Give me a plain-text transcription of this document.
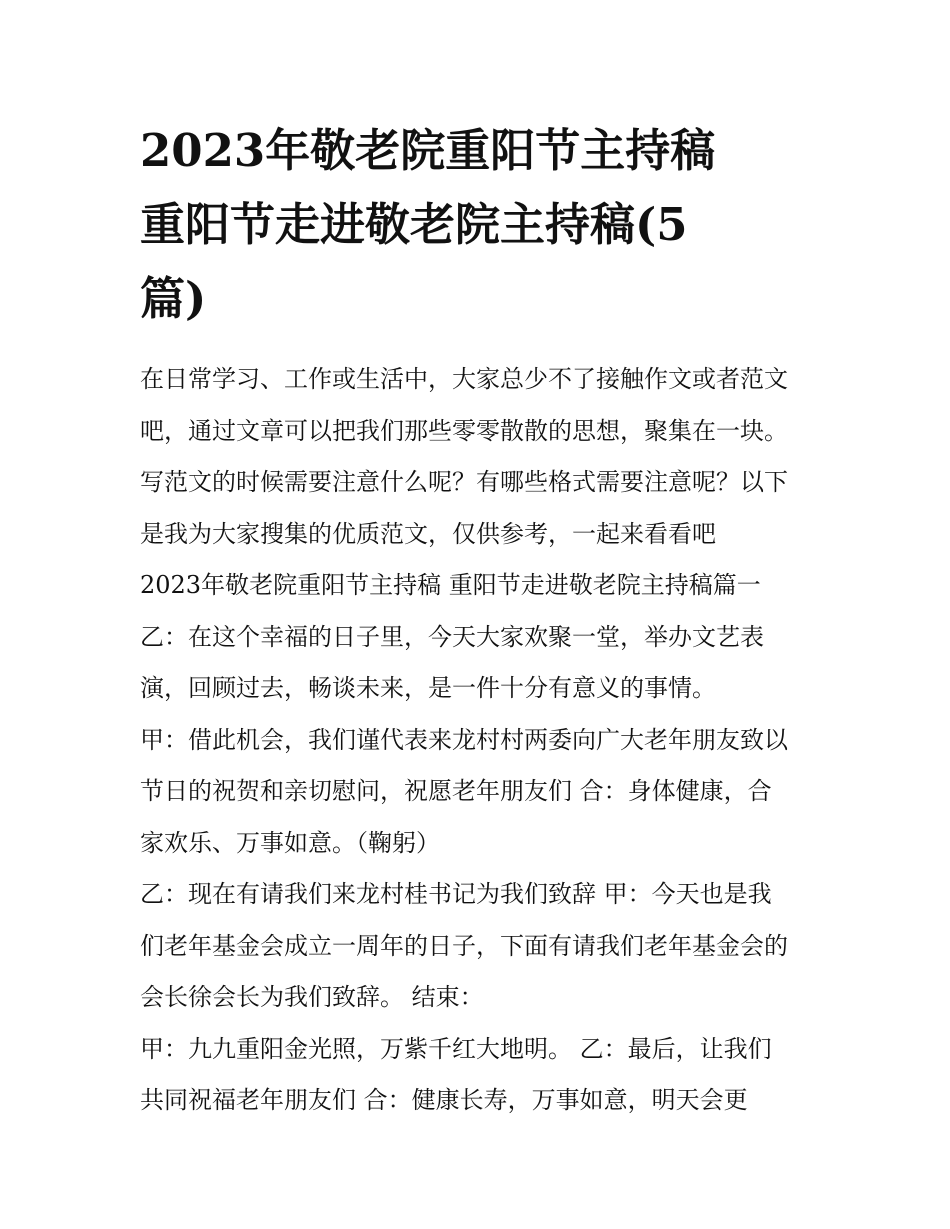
2023年敬老院重阳节主持稿
重阳节走进敬老院主持稿(5
篇)
在日常学习、工作或生活中，大家总少不了接触作文或者范文
吧，通过文章可以把我们那些零零散散的思想，聚集在一块。
写范文的时候需要注意什么呢？有哪些格式需要注意呢？以下
是我为大家搜集的优质范文，仅供参考，一起来看看吧
2023年敬老院重阳节主持稿 重阳节走进敬老院主持稿篇一
乙：在这个幸福的日子里，今天大家欢聚一堂，举办文艺表
演，回顾过去，畅谈未来，是一件十分有意义的事情。
甲：借此机会，我们谨代表来龙村村两委向广大老年朋友致以
节日的祝贺和亲切慰问，祝愿老年朋友们 合：身体健康，合
家欢乐、万事如意。（鞠躬）
乙：现在有请我们来龙村桂书记为我们致辞 甲：今天也是我
们老年基金会成立一周年的日子，下面有请我们老年基金会的
会长徐会长为我们致辞。 结束：
甲：九九重阳金光照，万紫千红大地明。 乙：最后，让我们
共同祝福老年朋友们 合：健康长寿，万事如意，明天会更
